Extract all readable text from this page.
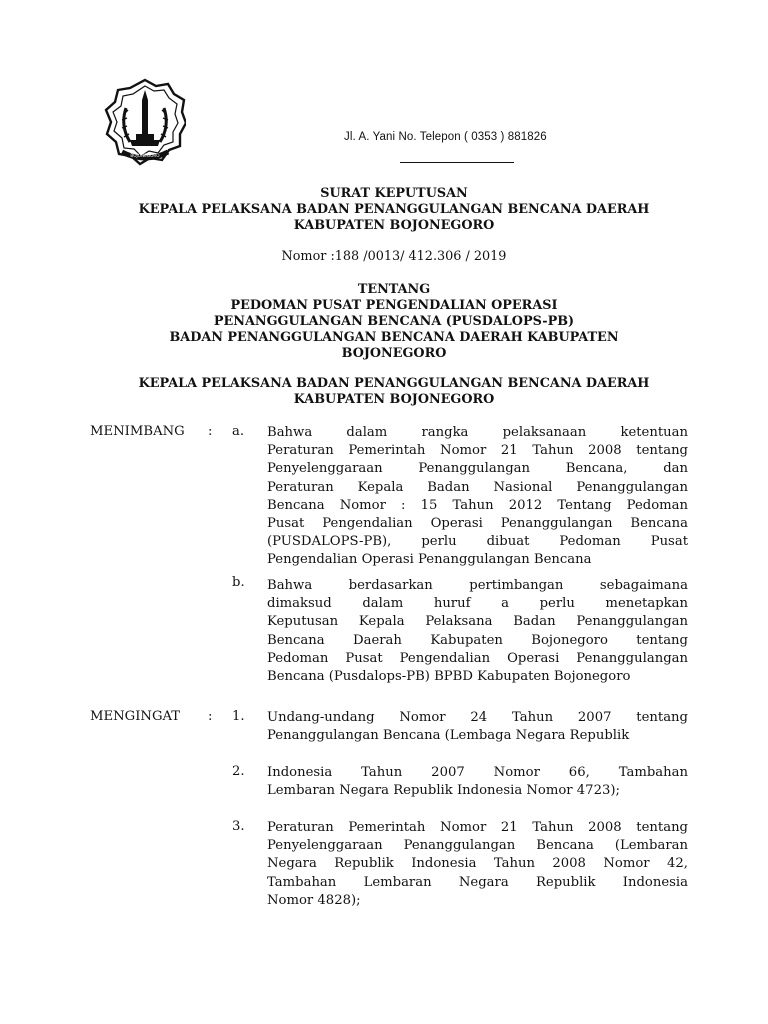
BOJONEGORO
Jl. A. Yani No. Telepon ( 0353 ) 881826
SURAT KEPUTUSAN
KEPALA PELAKSANA BADAN PENANGGULANGAN BENCANA DAERAH
KABUPATEN BOJONEGORO
Nomor :188 /0013/ 412.306 / 2019
TENTANG
PEDOMAN PUSAT PENGENDALIAN OPERASI
PENANGGULANGAN BENCANA (PUSDALOPS-PB)
BADAN PENANGGULANGAN BENCANA DAERAH KABUPATEN
BOJONEGORO
KEPALA PELAKSANA BADAN PENANGGULANGAN BENCANA DAERAH
KABUPATEN BOJONEGORO
MENIMBANG : a. Bahwa dalam rangka pelaksanaan ketentuan
Peraturan Pemerintah Nomor 21 Tahun 2008 tentang
Penyelenggaraan Penanggulangan Bencana, dan
Peraturan Kepala Badan Nasional Penanggulangan
Bencana Nomor : 15 Tahun 2012 Tentang Pedoman
Pusat Pengendalian Operasi Penanggulangan Bencana
(PUSDALOPS-PB), perlu dibuat Pedoman Pusat
Pengendalian Operasi Penanggulangan Bencana
b. Bahwa berdasarkan pertimbangan sebagaimana
dimaksud dalam huruf a perlu menetapkan
Keputusan Kepala Pelaksana Badan Penanggulangan
Bencana Daerah Kabupaten Bojonegoro tentang
Pedoman Pusat Pengendalian Operasi Penanggulangan
Bencana (Pusdalops-PB) BPBD Kabupaten Bojonegoro
MENGINGAT : 1. Undang-undang Nomor 24 Tahun 2007 tentang
Penanggulangan Bencana (Lembaga Negara Republik
2. Indonesia Tahun 2007 Nomor 66, Tambahan
Lembaran Negara Republik Indonesia Nomor 4723);
3. Peraturan Pemerintah Nomor 21 Tahun 2008 tentang
Penyelenggaraan Penanggulangan Bencana (Lembaran
Negara Republik Indonesia Tahun 2008 Nomor 42,
Tambahan Lembaran Negara Republik Indonesia
Nomor 4828);
